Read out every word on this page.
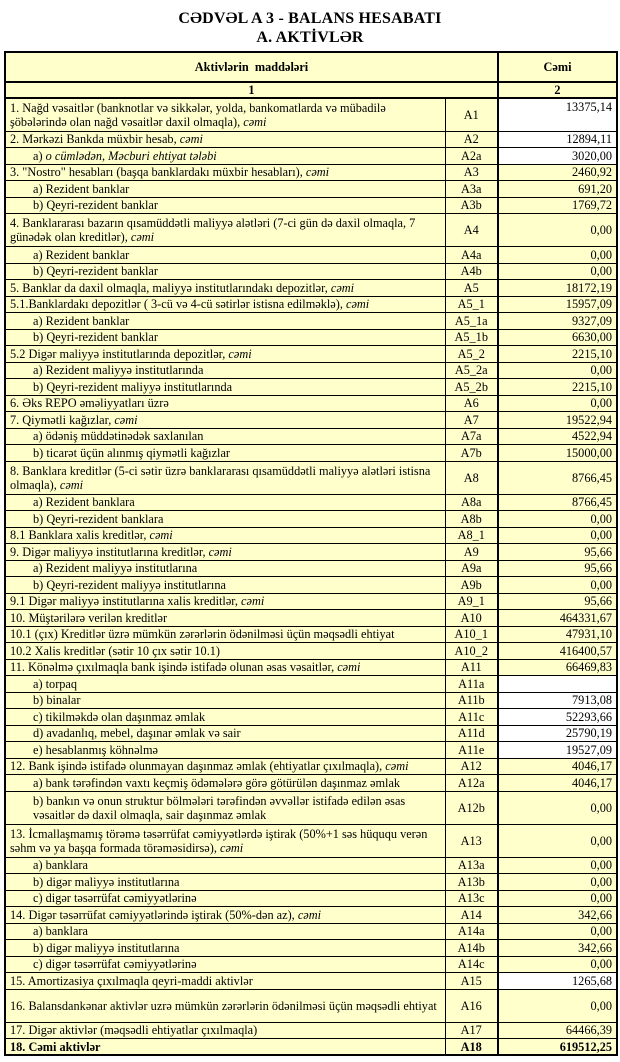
CƏDVƏL A 3 - BALANS HESABATI
A. AKTİVLƏR
Aktivlərin  maddələri		Cəmi
1		2
1. Nağd vəsaitlər (banknotlar və sikkələr, yolda, bankomatlarda və mübadilə şöbələrində olan nağd vəsaitlər daxil olmaqla), cəmi	A1	13375,14
2. Mərkəzi Bankda müxbir hesab, cəmi	A2	12894,11
a) o cümlədən, Məcburi ehtiyat tələbi	A2a	3020,00
3. "Nostro" hesabları (başqa banklardakı müxbir hesabları), cəmi	A3	2460,92
a) Rezident banklar	A3a	691,20
b) Qeyri-rezident banklar	A3b	1769,72
4. Banklararası bazarın qısamüddətli maliyyə alətləri (7-ci gün də daxil olmaqla, 7 günədək olan kreditlər), cəmi	A4	0,00
a) Rezident banklar	A4a	0,00
b) Qeyri-rezident banklar	A4b	0,00
5. Banklar da daxil olmaqla, maliyyə institutlarındakı depozitlər, cəmi	A5	18172,19
5.1.Banklardakı depozitlər ( 3-cü və 4-cü sətirlər istisna edilməklə), cəmi	A5_1	15957,09
a) Rezident banklar	A5_1a	9327,09
b) Qeyri-rezident banklar	A5_1b	6630,00
5.2 Digər maliyyə institutlarında depozitlər, cəmi	A5_2	2215,10
a) Rezident maliyyə institutlarında	A5_2a	0,00
b) Qeyri-rezident maliyyə institutlarında	A5_2b	2215,10
6. Əks REPO əməliyyatları üzrə	A6	0,00
7. Qiymətli kağızlar, cəmi	A7	19522,94
a) ödəniş müddətinədək saxlanılan	A7a	4522,94
b) ticarət üçün alınmış qiymətli kağızlar	A7b	15000,00
8. Banklara kreditlər (5-ci sətir üzrə banklararası qısamüddətli maliyyə alətləri istisna olmaqla), cəmi	A8	8766,45
a) Rezident banklara	A8a	8766,45
b) Qeyri-rezident banklara	A8b	0,00
8.1 Banklara xalis kreditlər, cəmi	A8_1	0,00
9. Digər maliyyə institutlarına kreditlər, cəmi	A9	95,66
a) Rezident maliyyə institutlarına	A9a	95,66
b) Qeyri-rezident maliyyə institutlarına	A9b	0,00
9.1 Digər maliyyə institutlarına xalis kreditlər, cəmi	A9_1	95,66
10. Müştərilərə verilən kreditlər	A10	464331,67
10.1 (çıx) Kreditlər üzrə mümkün zərərlərin ödənilməsi üçün məqsədli ehtiyat	A10_1	47931,10
10.2 Xalis kreditlər (sətir 10 çıx sətir 10.1)	A10_2	416400,57
11. Könəlmə çıxılmaqla bank işində istifadə olunan əsas vəsaitlər, cəmi	A11	66469,83
a) torpaq	A11a	
b) binalar	A11b	7913,08
c) tikilməkdə olan daşınmaz əmlak	A11c	52293,66
d) avadanlıq, mebel, daşınar əmlak və sair	A11d	25790,19
e) hesablanmış köhnəlmə	A11e	19527,09
12. Bank işində istifadə olunmayan daşınmaz əmlak (ehtiyatlar çıxılmaqla), cəmi	A12	4046,17
a) bank tərəfindən vaxtı keçmiş ödəmələrə görə götürülən daşınmaz əmlak	A12a	4046,17
b) bankın və onun struktur bölmələri tərəfindən əvvəllər istifadə edilən əsas vəsaitlər də daxil olmaqla, sair daşınmaz əmlak	A12b	0,00
13. İcmallaşmamış törəmə təsərrüfat cəmiyyətlərdə iştirak (50%+1 səs hüququ verən səhm və ya başqa formada törəməsidirsə), cəmi	A13	0,00
a) banklara	A13a	0,00
b) digər maliyyə institutlarına	A13b	0,00
c) digər təsərrüfat cəmiyyətlərinə	A13c	0,00
14. Digər təsərrüfat cəmiyyətlərində iştirak (50%-dən az), cəmi	A14	342,66
a) banklara	A14a	0,00
b) digər maliyyə institutlarına	A14b	342,66
c) digər təsərrüfat cəmiyyətlərinə	A14c	0,00
15. Amortizasiya çıxılmaqla qeyri-maddi aktivlər	A15	1265,68
16. Balansdankənar aktivlər uzrə mümkün zərərlərin ödənilməsi üçün məqsədli ehtiyat	A16	0,00
17. Digər aktivlər (məqsədli ehtiyatlar çıxılmaqla)	A17	64466,39
18. Cəmi aktivlər	A18	619512,25
